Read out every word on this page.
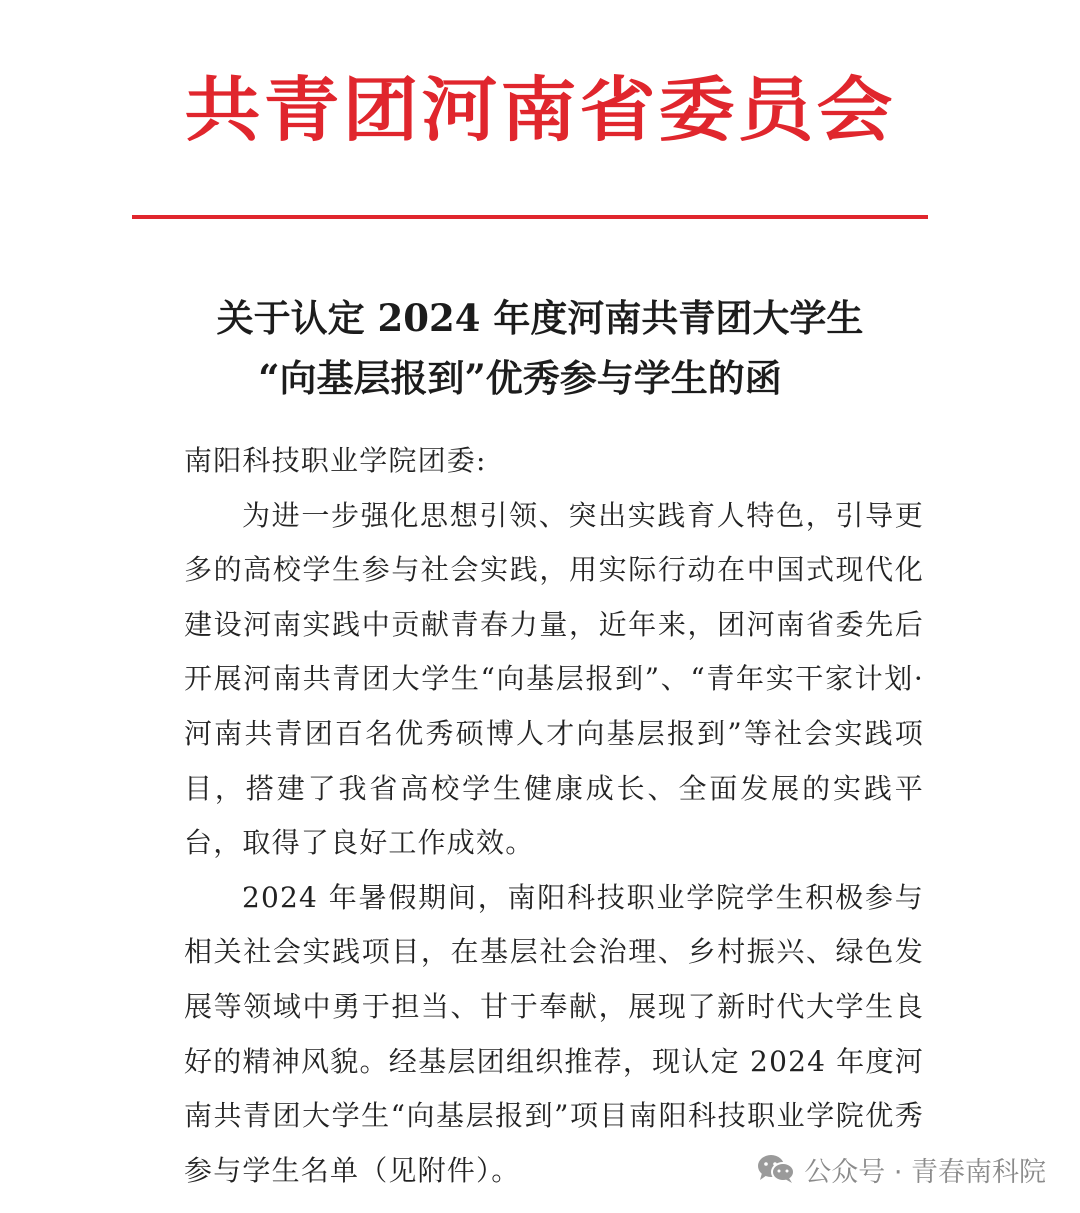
共青团河南省委员会
关于认定 2024 年度河南共青团大学生
“向基层报到”优秀参与学生的函

南阳科技职业学院团委:

为进一步强化思想引领、突出实践育人特色，引导更多的高校学生参与社会实践，用实际行动在中国式现代化建设河南实践中贡献青春力量，近年来，团河南省委先后开展河南共青团大学生“向基层报到”、“青年实干家计划·河南共青团百名优秀硕博人才向基层报到”等社会实践项目，搭建了我省高校学生健康成长、全面发展的实践平台，取得了良好工作成效。

2024 年暑假期间，南阳科技职业学院学生积极参与相关社会实践项目，在基层社会治理、乡村振兴、绿色发展等领域中勇于担当、甘于奉献，展现了新时代大学生良好的精神风貌。经基层团组织推荐，现认定 2024 年度河南共青团大学生“向基层报到”项目南阳科技职业学院优秀参与学生名单（见附件）。	公众号 · 青春南科院
